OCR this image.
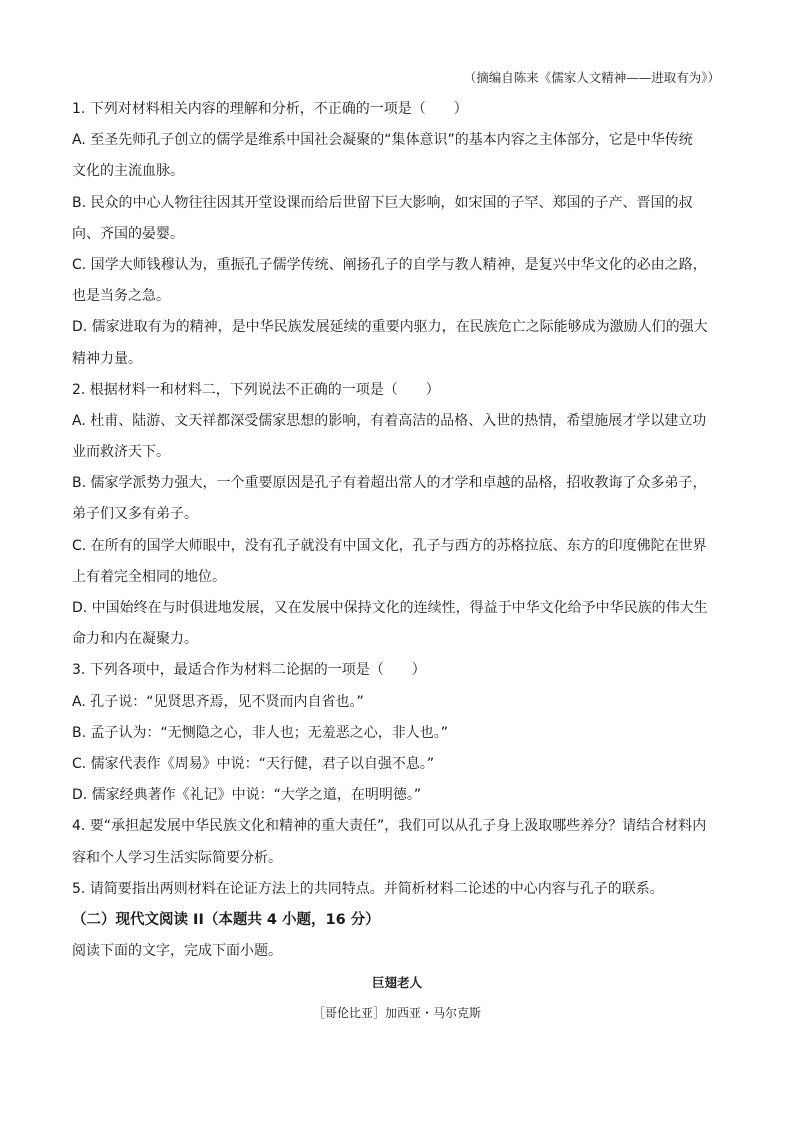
（摘编自陈来《儒家人文精神——进取有为》）
1. 下列对材料相关内容的理解和分析，不正确的一项是（　　）
A. 至圣先师孔子创立的儒学是维系中国社会凝聚的“集体意识”的基本内容之主体部分，它是中华传统
文化的主流血脉。
B. 民众的中心人物往往因其开堂设课而给后世留下巨大影响，如宋国的子罕、郑国的子产、晋国的叔
向、齐国的晏婴。
C. 国学大师钱穆认为，重振孔子儒学传统、阐扬孔子的自学与教人精神，是复兴中华文化的必由之路，
也是当务之急。
D. 儒家进取有为的精神，是中华民族发展延续的重要内驱力，在民族危亡之际能够成为激励人们的强大
精神力量。
2. 根据材料一和材料二，下列说法不正确的一项是（　　）
A. 杜甫、陆游、文天祥都深受儒家思想的影响，有着高洁的品格、入世的热情，希望施展才学以建立功
业而救济天下。
B. 儒家学派势力强大，一个重要原因是孔子有着超出常人的才学和卓越的品格，招收教诲了众多弟子，
弟子们又多有弟子。
C. 在所有的国学大师眼中，没有孔子就没有中国文化，孔子与西方的苏格拉底、东方的印度佛陀在世界
上有着完全相同的地位。
D. 中国始终在与时俱进地发展，又在发展中保持文化的连续性，得益于中华文化给予中华民族的伟大生
命力和内在凝聚力。
3. 下列各项中，最适合作为材料二论据的一项是（　　）
A. 孔子说：“见贤思齐焉，见不贤而内自省也。”
B. 孟子认为：“无恻隐之心，非人也；无羞恶之心，非人也。”
C. 儒家代表作《周易》中说：“天行健，君子以自强不息。”
D. 儒家经典著作《礼记》中说：“大学之道，在明明德。”
4. 要“承担起发展中华民族文化和精神的重大责任”，我们可以从孔子身上汲取哪些养分？请结合材料内
容和个人学习生活实际简要分析。
5. 请简要指出两则材料在论证方法上的共同特点。并简析材料二论述的中心内容与孔子的联系。
（二）现代文阅读 II（本题共 4 小题，16 分）
阅读下面的文字，完成下面小题。
巨翅老人
［哥伦比亚］加西亚・马尔克斯
